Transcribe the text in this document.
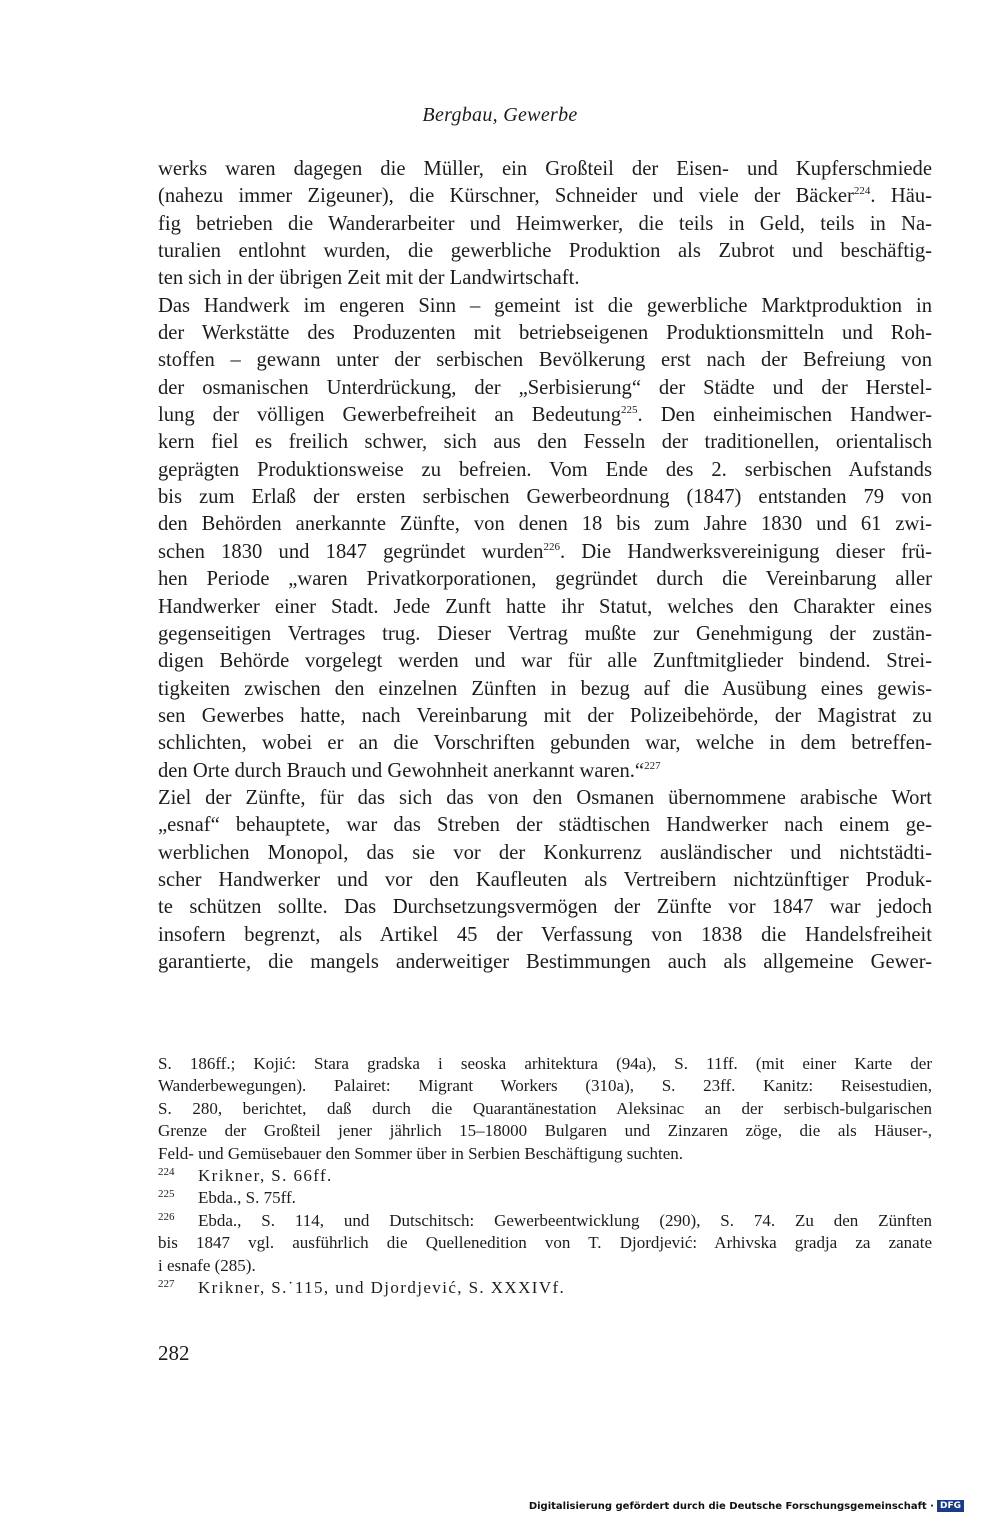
Bergbau, Gewerbe
werks waren dagegen die Müller, ein Großteil der Eisen- und Kupferschmiede
(nahezu immer Zigeuner), die Kürschner, Schneider und viele der Bäcker$^{224}$. Häu-
fig betrieben die Wanderarbeiter und Heimwerker, die teils in Geld, teils in Na-
turalien entlohnt wurden, die gewerbliche Produktion als Zubrot und beschäftig-
ten sich in der übrigen Zeit mit der Landwirtschaft.
Das Handwerk im engeren Sinn – gemeint ist die gewerbliche Marktproduktion in
der Werkstätte des Produzenten mit betriebseigenen Produktionsmitteln und Roh-
stoffen – gewann unter der serbischen Bevölkerung erst nach der Befreiung von
der osmanischen Unterdrückung, der „Serbisierung“ der Städte und der Herstel-
lung der völligen Gewerbefreiheit an Bedeutung$^{225}$. Den einheimischen Handwer-
kern fiel es freilich schwer, sich aus den Fesseln der traditionellen, orientalisch
geprägten Produktionsweise zu befreien. Vom Ende des 2. serbischen Aufstands
bis zum Erlaß der ersten serbischen Gewerbeordnung (1847) entstanden 79 von
den Behörden anerkannte Zünfte, von denen 18 bis zum Jahre 1830 und 61 zwi-
schen 1830 und 1847 gegründet wurden$^{226}$. Die Handwerksvereinigung dieser frü-
hen Periode „waren Privatkorporationen, gegründet durch die Vereinbarung aller
Handwerker einer Stadt. Jede Zunft hatte ihr Statut, welches den Charakter eines
gegenseitigen Vertrages trug. Dieser Vertrag mußte zur Genehmigung der zustän-
digen Behörde vorgelegt werden und war für alle Zunftmitglieder bindend. Strei-
tigkeiten zwischen den einzelnen Zünften in bezug auf die Ausübung eines gewis-
sen Gewerbes hatte, nach Vereinbarung mit der Polizeibehörde, der Magistrat zu
schlichten, wobei er an die Vorschriften gebunden war, welche in dem betreffen-
den Orte durch Brauch und Gewohnheit anerkannt waren.“$^{227}$
Ziel der Zünfte, für das sich das von den Osmanen übernommene arabische Wort
„esnaf“ behauptete, war das Streben der städtischen Handwerker nach einem ge-
werblichen Monopol, das sie vor der Konkurrenz ausländischer und nichtstädti-
scher Handwerker und vor den Kaufleuten als Vertreibern nichtzünftiger Produk-
te schützen sollte. Das Durchsetzungsvermögen der Zünfte vor 1847 war jedoch
insofern begrenzt, als Artikel 45 der Verfassung von 1838 die Handelsfreiheit
garantierte, die mangels anderweitiger Bestimmungen auch als allgemeine Gewer-
S. 186ff.; Kojić: Stara gradska i seoska arhitektura (94a), S. 11ff. (mit einer Karte der
Wanderbewegungen). Palairet: Migrant Workers (310a), S. 23ff. Kanitz: Reisestudien,
S. 280, berichtet, daß durch die Quarantänestation Aleksinac an der serbisch-bulgarischen
Grenze der Großteil jener jährlich 15–18000 Bulgaren und Zinzaren zöge, die als Häuser-,
Feld- und Gemüsebauer den Sommer über in Serbien Beschäftigung suchten.
224 Krikner, S. 66ff.
225 Ebda., S. 75ff.
226 Ebda., S. 114, und Dutschitsch: Gewerbeentwicklung (290), S. 74. Zu den Zünften
bis 1847 vgl. ausführlich die Quellenedition von T. Djordjević: Arhivska gradja za zanate
i esnafe (285).
227 Krikner, S.˙115, und Djordjević, S. XXXIVf.
282
Digitalisierung gefördert durch die Deutsche Forschungsgemeinschaft · DFG
